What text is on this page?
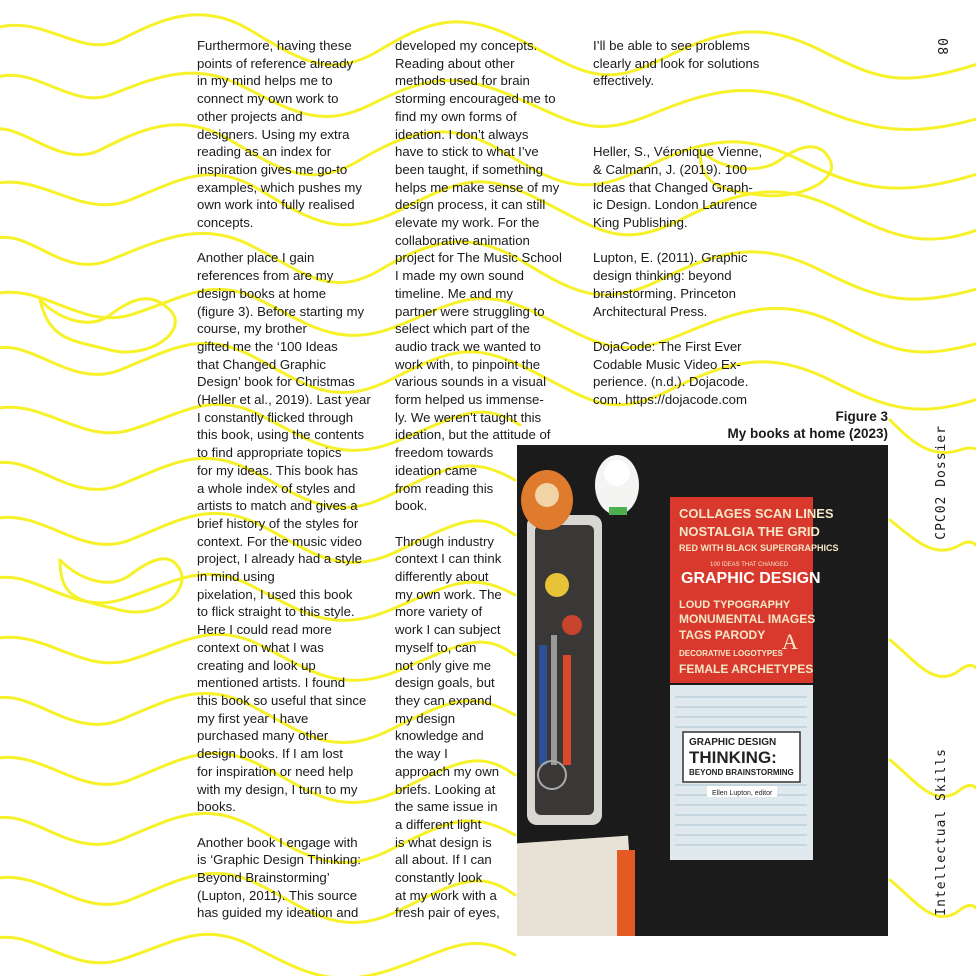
Furthermore, having these
points of reference already
in my mind helps me to
connect my own work to
other projects and
designers. Using my extra
reading as an index for
inspiration gives me go-to
examples, which pushes my
own work into fully realised
concepts.

Another place I gain
references from are my
design books at home
(figure 3). Before starting my
course, my brother
gifted me the ‘100 Ideas
that Changed Graphic
Design’ book for Christmas
(Heller et al., 2019). Last year
I constantly flicked through
this book, using the contents
to find appropriate topics
for my ideas. This book has
a whole index of styles and
artists to match and gives a
brief history of the styles for
context. For the music video
project, I already had a style
in mind using
pixelation, I used this book
to flick straight to this style.
Here I could read more
context on what I was
creating and look up
mentioned artists. I found
this book so useful that since
my first year I have
purchased many other
design books. If I am lost
for inspiration or need help
with my design, I turn to my
books.

Another book I engage with
is ‘Graphic Design Thinking:
Beyond Brainstorming’
(Lupton, 2011). This source
has guided my ideation and

developed my concepts.
Reading about other
methods used for brain
storming encouraged me to
find my own forms of
ideation. I don’t always
have to stick to what I’ve
been taught, if something
helps me make sense of my
design process, it can still
elevate my work. For the
collaborative animation
project for The Music School
I made my own sound
timeline. Me and my
partner were struggling to
select which part of the
audio track we wanted to
work with, to pinpoint the
various sounds in a visual
form helped us immense-
ly. We weren’t taught this
ideation, but the attitude of
freedom towards
ideation came
from reading this
book.

Through industry
context I can think
differently about
my own work. The
more variety of
work I can subject
myself to, can
not only give me
design goals, but
they can expand
my design
knowledge and
the way I
approach my own
briefs. Looking at
the same issue in
a different light
is what design is
all about. If I can
constantly look
at my work with a
fresh pair of eyes,

I’ll be able to see problems
clearly and look for solutions
effectively.

Heller, S., Véronique Vienne,
& Calmann, J. (2019). 100
Ideas that Changed Graph-
ic Design. London Laurence
King Publishing.

Lupton, E. (2011). Graphic
design thinking: beyond
brainstorming. Princeton
Architectural Press.

DojaCode: The First Ever
Codable Music Video Ex-
perience. (n.d.). Dojacode.
com. https://dojacode.com

Figure 3
My books at home (2023)
COLLAGES SCAN LINES
NOSTALGIA THE GRID
RED WITH BLACK SUPERGRAPHICS
100 IDEAS THAT CHANGED
GRAPHIC DESIGN
LOUD TYPOGRAPHY
MONUMENTAL IMAGES
TAGS PARODY A
DECORATIVE LOGOTYPES
FEMALE ARCHETYPES
GRAPHIC DESIGN
THINKING:
BEYOND BRAINSTORMING
Ellen Lupton, editor
08
CPC02 Dossier
Intellectual Skills
